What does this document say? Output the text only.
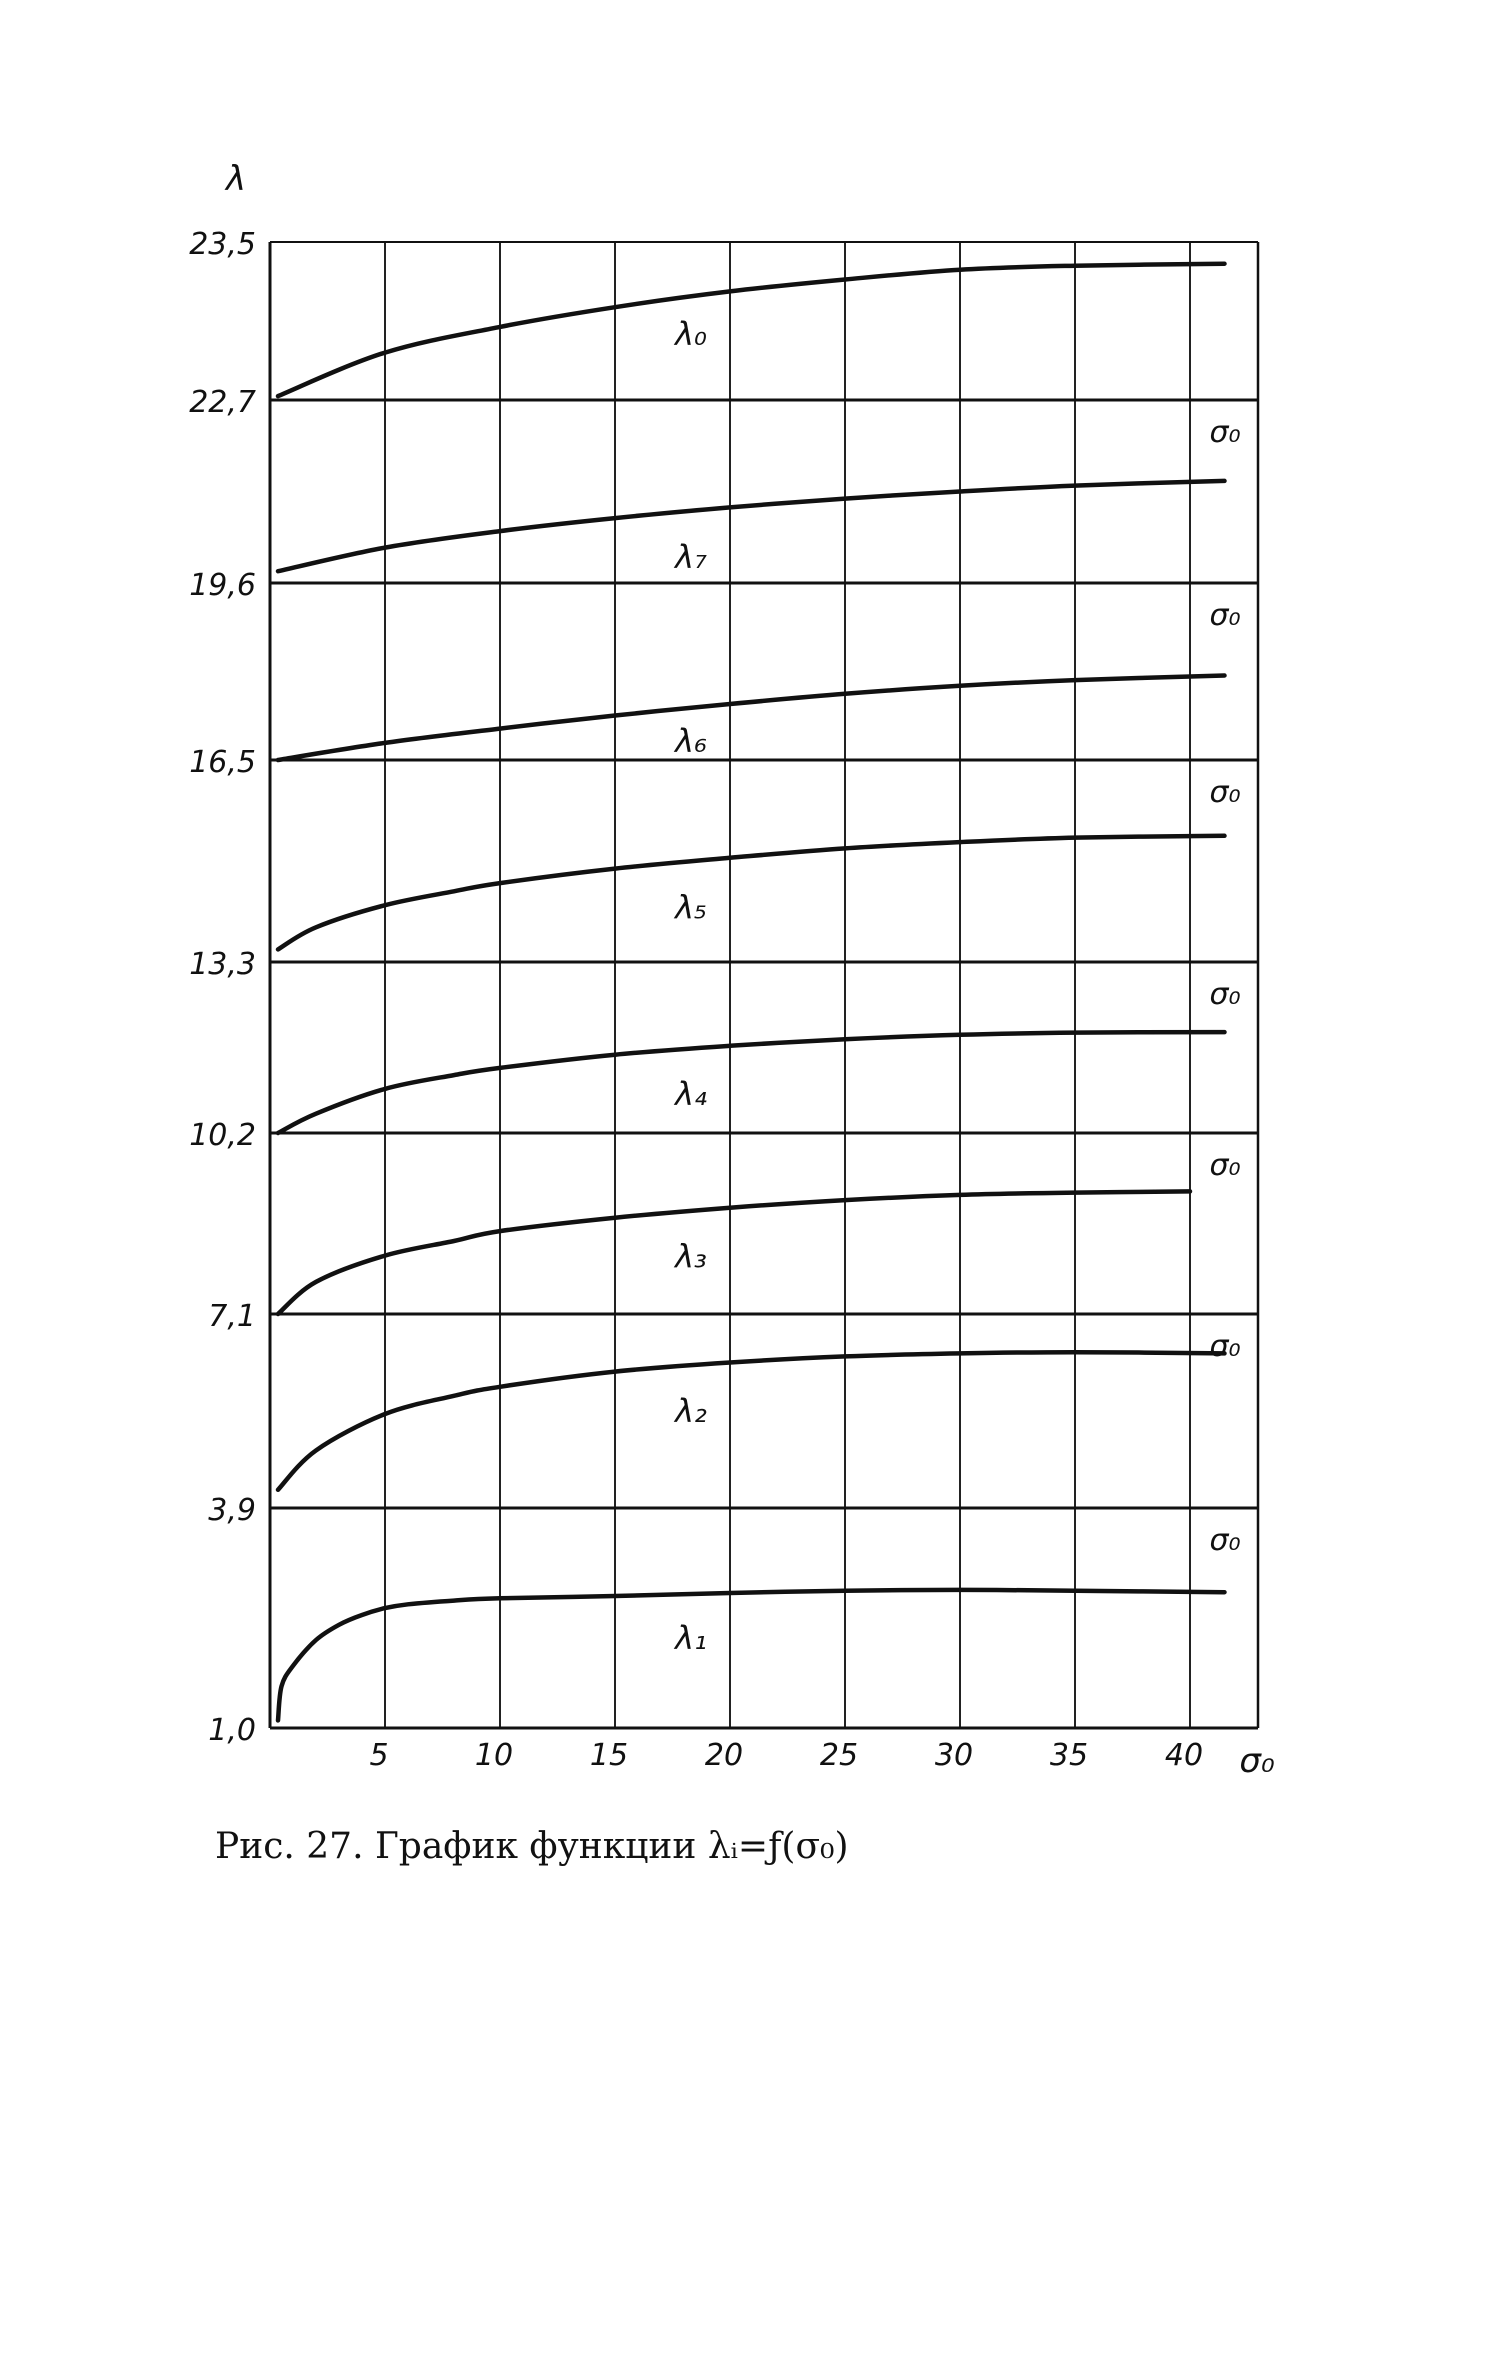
1,0
3,9
7,1
10,2
13,3
16,5
19,6
22,7
23,5
λ
5	10	15	20	25	30	35	40 σ₀
σ₀
σ₀
σ₀
σ₀
σ₀
σ₀
σ₀
λ₁
λ₂
λ₃
λ₄
λ₅
λ₆
λ₇
λ₀
Рис. 27. График функции λᵢ=ƒ(σ₀)
